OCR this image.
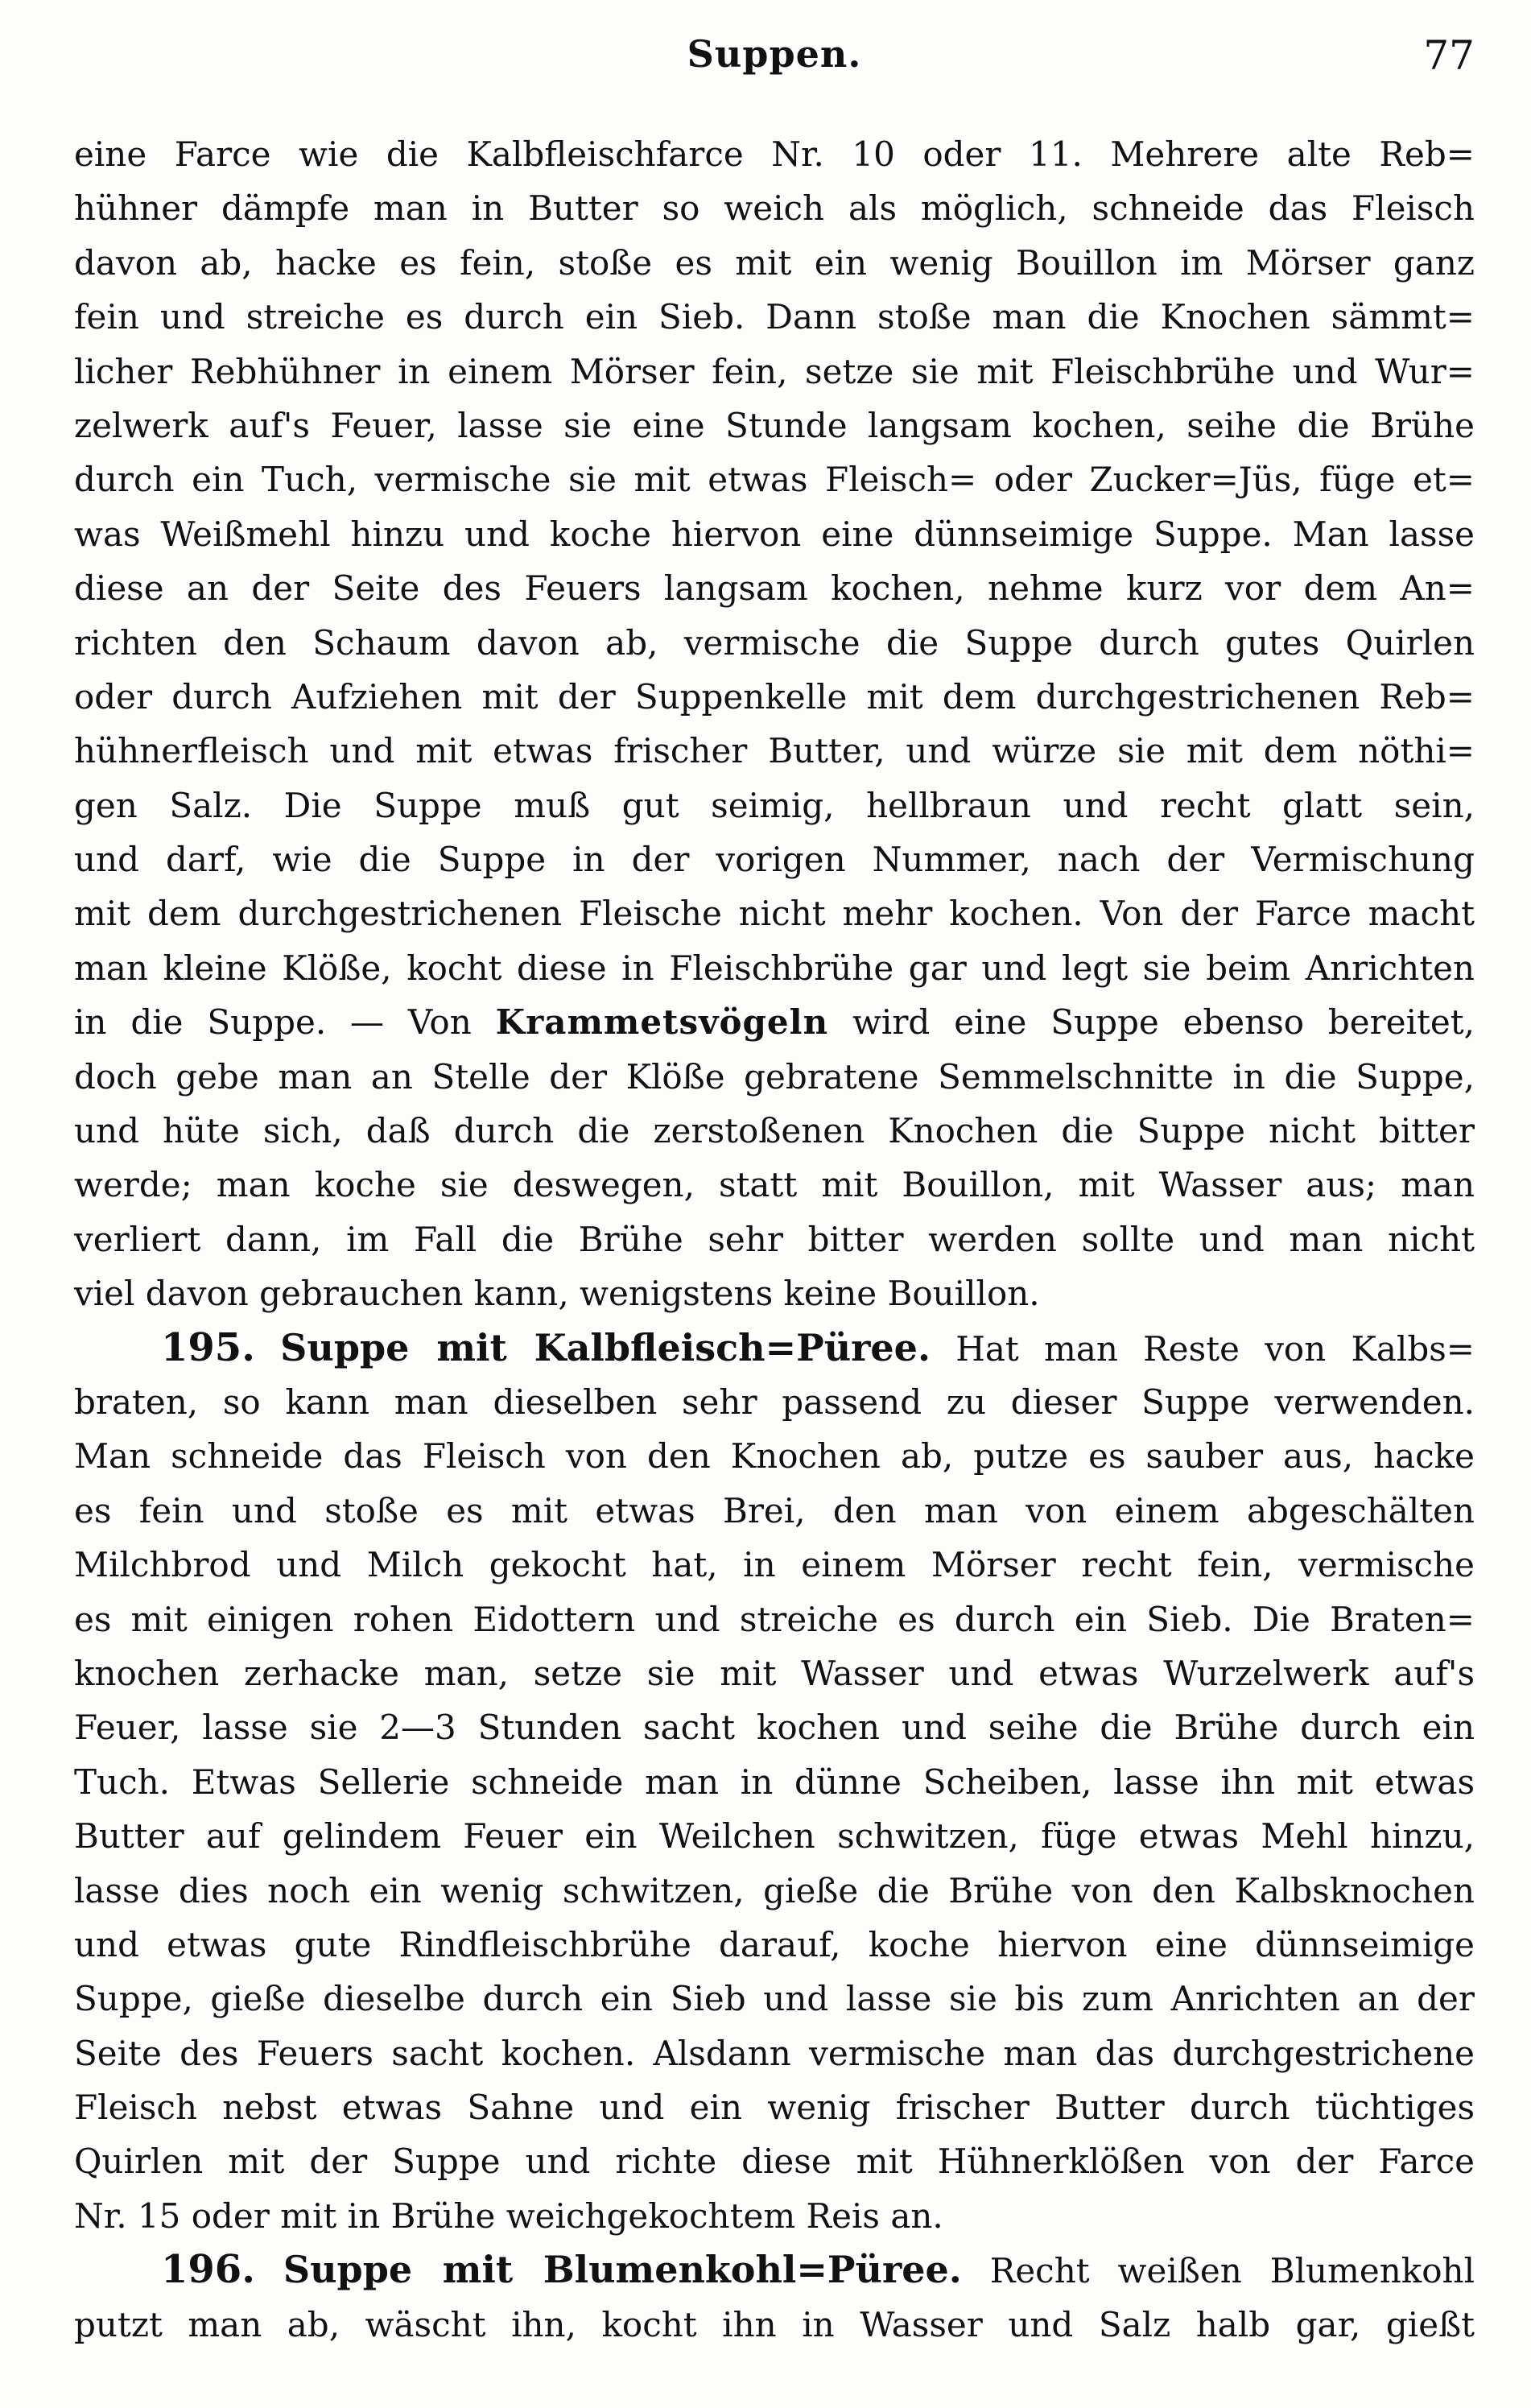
Suppen.	77
eine Farce wie die Kalbfleischfarce Nr. 10 oder 11. Mehrere alte Reb=
hühner dämpfe man in Butter so weich als möglich, schneide das Fleisch
davon ab, hacke es fein, stoße es mit ein wenig Bouillon im Mörser ganz
fein und streiche es durch ein Sieb. Dann stoße man die Knochen sämmt=
licher Rebhühner in einem Mörser fein, setze sie mit Fleischbrühe und Wur=
zelwerk auf's Feuer, lasse sie eine Stunde langsam kochen, seihe die Brühe
durch ein Tuch, vermische sie mit etwas Fleisch= oder Zucker=Jüs, füge et=
was Weißmehl hinzu und koche hiervon eine dünnseimige Suppe. Man lasse
diese an der Seite des Feuers langsam kochen, nehme kurz vor dem An=
richten den Schaum davon ab, vermische die Suppe durch gutes Quirlen
oder durch Aufziehen mit der Suppenkelle mit dem durchgestrichenen Reb=
hühnerfleisch und mit etwas frischer Butter, und würze sie mit dem nöthi=
gen Salz. Die Suppe muß gut seimig, hellbraun und recht glatt sein,
und darf, wie die Suppe in der vorigen Nummer, nach der Vermischung
mit dem durchgestrichenen Fleische nicht mehr kochen. Von der Farce macht
man kleine Klöße, kocht diese in Fleischbrühe gar und legt sie beim Anrichten
in die Suppe. — Von Krammetsvögeln wird eine Suppe ebenso bereitet,
doch gebe man an Stelle der Klöße gebratene Semmelschnitte in die Suppe,
und hüte sich, daß durch die zerstoßenen Knochen die Suppe nicht bitter
werde; man koche sie deswegen, statt mit Bouillon, mit Wasser aus; man
verliert dann, im Fall die Brühe sehr bitter werden sollte und man nicht
viel davon gebrauchen kann, wenigstens keine Bouillon.
195. Suppe mit Kalbfleisch=Püree. Hat man Reste von Kalbs=
braten, so kann man dieselben sehr passend zu dieser Suppe verwenden.
Man schneide das Fleisch von den Knochen ab, putze es sauber aus, hacke
es fein und stoße es mit etwas Brei, den man von einem abgeschälten
Milchbrod und Milch gekocht hat, in einem Mörser recht fein, vermische
es mit einigen rohen Eidottern und streiche es durch ein Sieb. Die Braten=
knochen zerhacke man, setze sie mit Wasser und etwas Wurzelwerk auf's
Feuer, lasse sie 2—3 Stunden sacht kochen und seihe die Brühe durch ein
Tuch. Etwas Sellerie schneide man in dünne Scheiben, lasse ihn mit etwas
Butter auf gelindem Feuer ein Weilchen schwitzen, füge etwas Mehl hinzu,
lasse dies noch ein wenig schwitzen, gieße die Brühe von den Kalbsknochen
und etwas gute Rindfleischbrühe darauf, koche hiervon eine dünnseimige
Suppe, gieße dieselbe durch ein Sieb und lasse sie bis zum Anrichten an der
Seite des Feuers sacht kochen. Alsdann vermische man das durchgestrichene
Fleisch nebst etwas Sahne und ein wenig frischer Butter durch tüchtiges
Quirlen mit der Suppe und richte diese mit Hühnerklößen von der Farce
Nr. 15 oder mit in Brühe weichgekochtem Reis an.
196. Suppe mit Blumenkohl=Püree. Recht weißen Blumenkohl
putzt man ab, wäscht ihn, kocht ihn in Wasser und Salz halb gar, gießt
